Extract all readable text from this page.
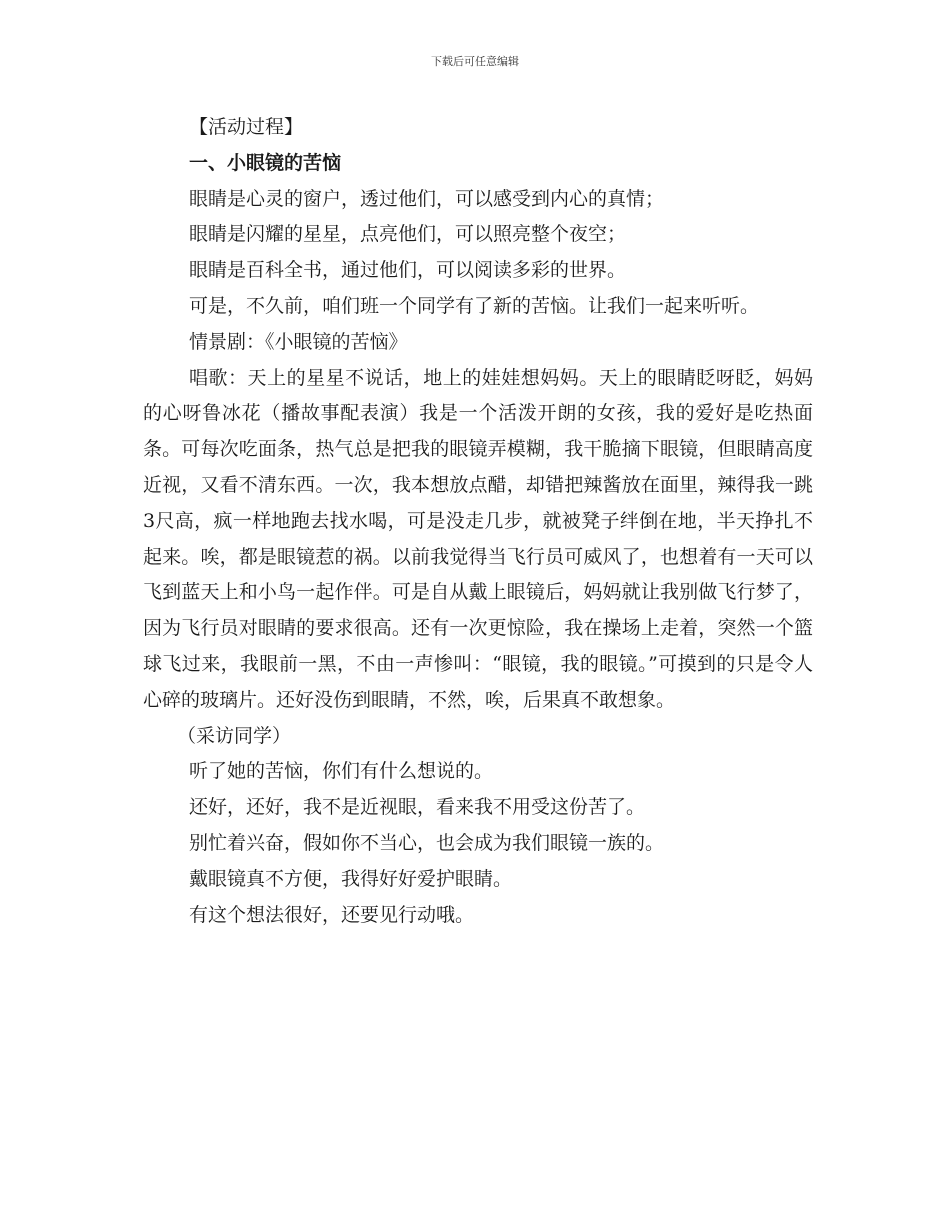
下载后可任意编辑

【活动过程】

一、小眼镜的苦恼

眼睛是心灵的窗户，透过他们，可以感受到内心的真情；

眼睛是闪耀的星星，点亮他们，可以照亮整个夜空；

眼睛是百科全书，通过他们，可以阅读多彩的世界。

可是，不久前，咱们班一个同学有了新的苦恼。让我们一起来听听。

情景剧：《小眼镜的苦恼》

唱歌：天上的星星不说话，地上的娃娃想妈妈。天上的眼睛眨呀眨，妈妈的心呀鲁冰花（播故事配表演）我是一个活泼开朗的女孩，我的爱好是吃热面条。可每次吃面条，热气总是把我的眼镜弄模糊，我干脆摘下眼镜，但眼睛高度近视，又看不清东西。一次，我本想放点醋，却错把辣酱放在面里，辣得我一跳3尺高，疯一样地跑去找水喝，可是没走几步，就被凳子绊倒在地，半天挣扎不起来。唉，都是眼镜惹的祸。以前我觉得当飞行员可威风了，也想着有一天可以飞到蓝天上和小鸟一起作伴。可是自从戴上眼镜后，妈妈就让我别做飞行梦了，因为飞行员对眼睛的要求很高。还有一次更惊险，我在操场上走着，突然一个篮球飞过来，我眼前一黑，不由一声惨叫：“眼镜，我的眼镜。”可摸到的只是令人心碎的玻璃片。还好没伤到眼睛，不然，唉，后果真不敢想象。

（采访同学）

听了她的苦恼，你们有什么想说的。

还好，还好，我不是近视眼，看来我不用受这份苦了。

别忙着兴奋，假如你不当心，也会成为我们眼镜一族的。

戴眼镜真不方便，我得好好爱护眼睛。

有这个想法很好，还要见行动哦。
